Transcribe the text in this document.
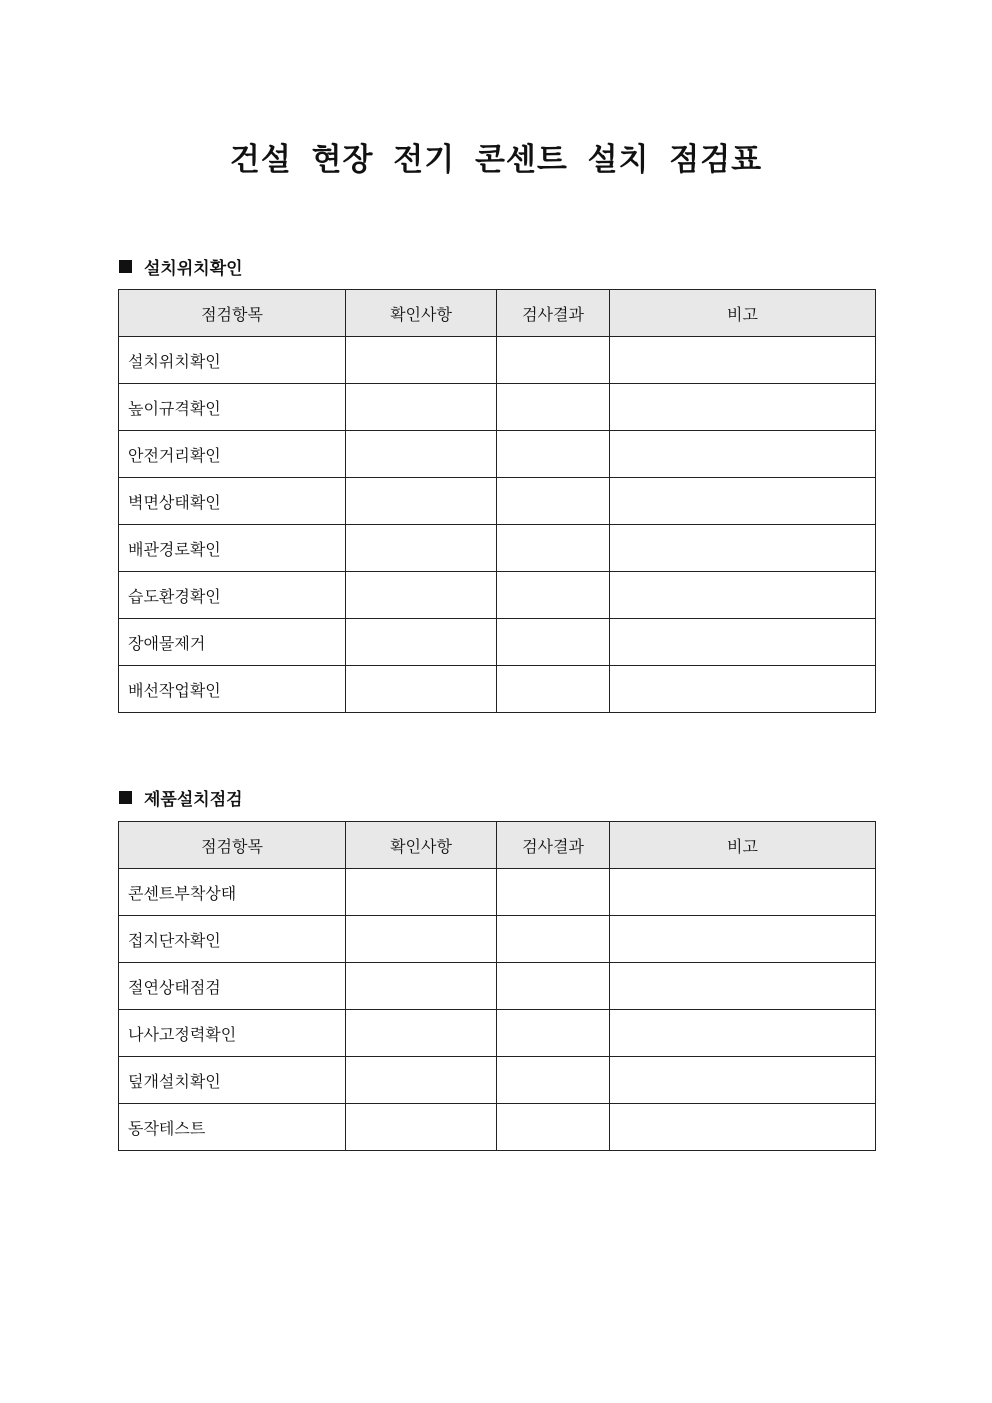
건설 현장 전기 콘센트 설치 점검표
설치위치확인
점검항목	확인사항	검사결과	비고
설치위치확인			
높이규격확인			
안전거리확인			
벽면상태확인			
배관경로확인			
습도환경확인			
장애물제거			
배선작업확인			
제품설치점검
점검항목	확인사항	검사결과	비고
콘센트부착상태			
접지단자확인			
절연상태점검			
나사고정력확인			
덮개설치확인			
동작테스트			
